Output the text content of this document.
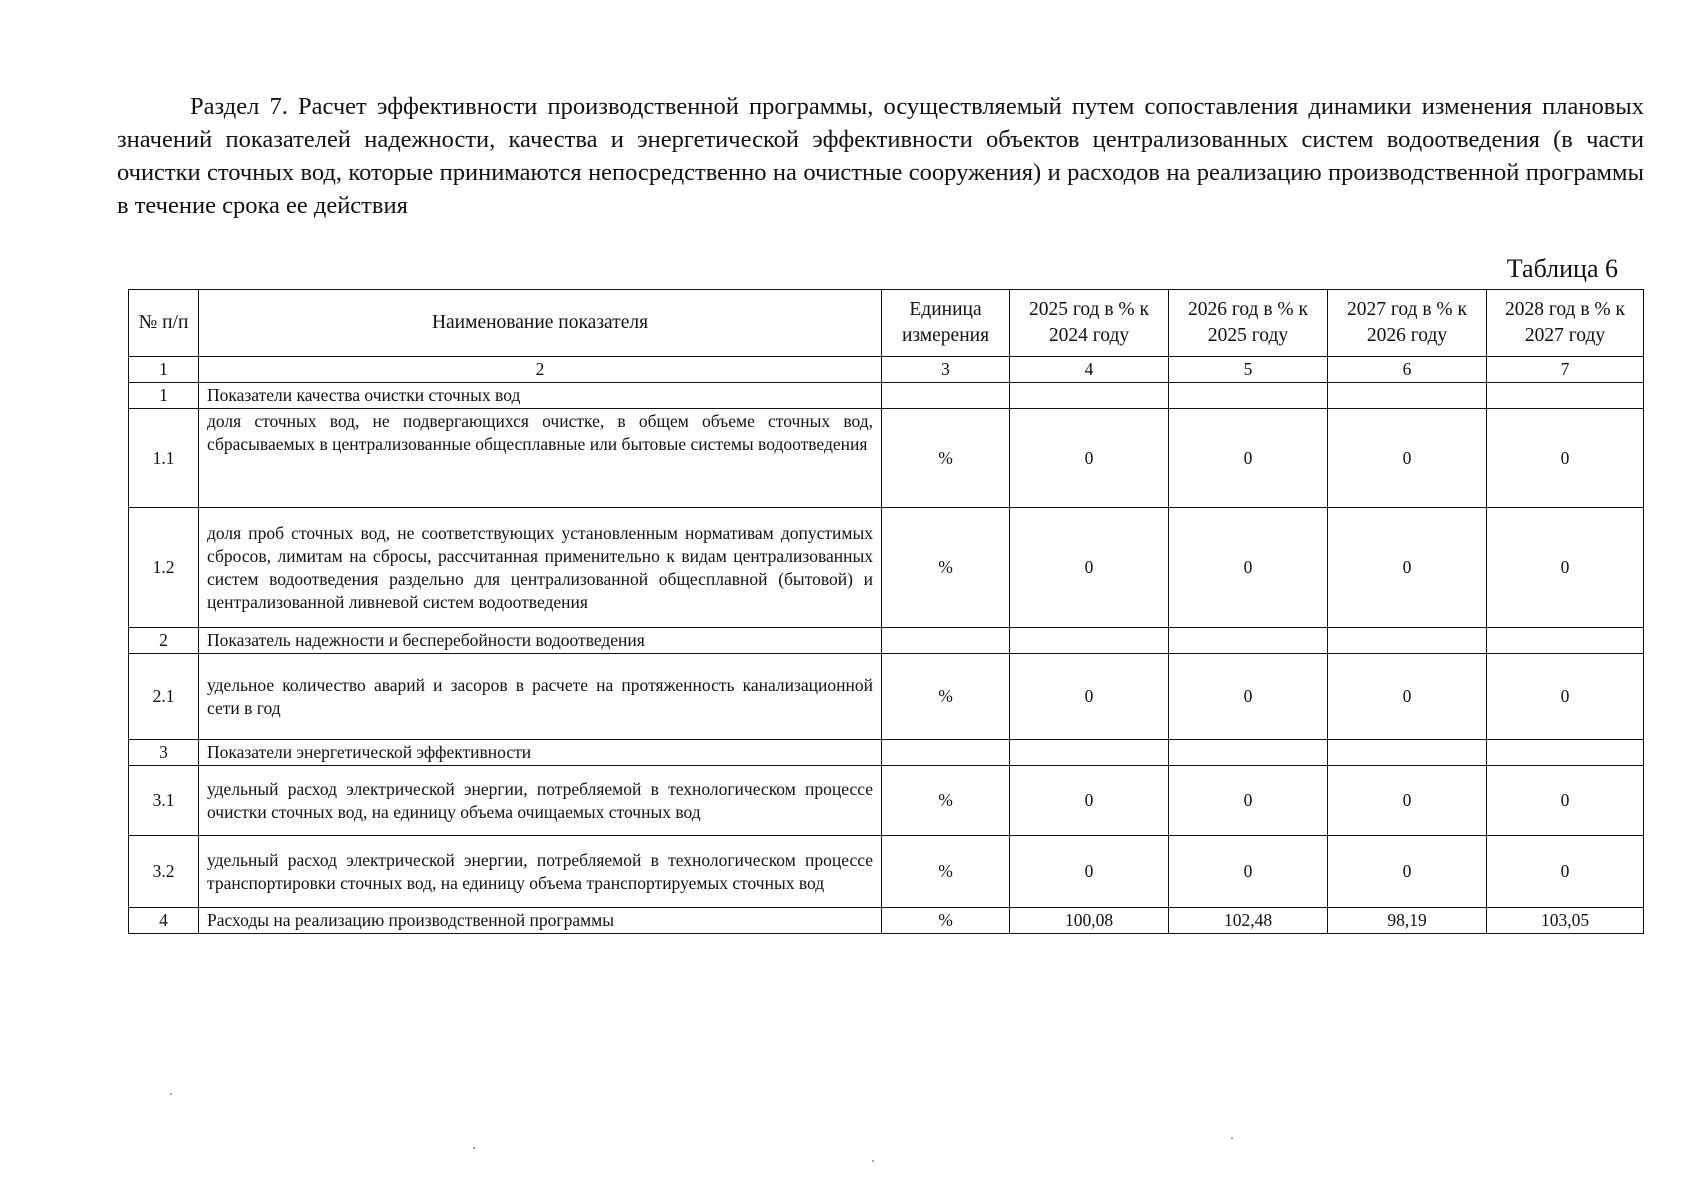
Раздел 7. Расчет эффективности производственной программы, осуществляемый путем сопоставления динамики изменения плановых значений показателей надежности, качества и энергетической эффективности объектов централизованных систем водоотведения (в части очистки сточных вод, которые принимаются непосредственно на очистные сооружения) и расходов на реализацию производственной программы в течение срока ее действия
Таблица 6
№ п/п	Наименование показателя	Единица измерения	2025 год в % к 2024 году	2026 год в % к 2025 году	2027 год в % к 2026 году	2028 год в % к 2027 году
1	2	3	4	5	6	7
1	Показатели качества очистки сточных вод					
1.1	доля сточных вод, не подвергающихся очистке, в общем объеме сточных вод, сбрасываемых в централизованные общесплавные или бытовые системы водоотведения	%	0	0	0	0
1.2	доля проб сточных вод, не соответствующих установленным нормативам допустимых сбросов, лимитам на сбросы, рассчитанная применительно к видам централизованных систем водоотведения раздельно для централизованной общесплавной (бытовой) и централизованной ливневой систем водоотведения	%	0	0	0	0
2	Показатель надежности и бесперебойности водоотведения					
2.1	удельное количество аварий и засоров в расчете на протяженность канализационной сети в год	%	0	0	0	0
3	Показатели энергетической эффективности					
3.1	удельный расход электрической энергии, потребляемой в технологическом процессе очистки сточных вод, на единицу объема очищаемых сточных вод	%	0	0	0	0
3.2	удельный расход электрической энергии, потребляемой в технологическом процессе транспортировки сточных вод, на единицу объема транспортируемых сточных вод	%	0	0	0	0
4	Расходы на реализацию производственной программы	%	100,08	102,48	98,19	103,05
